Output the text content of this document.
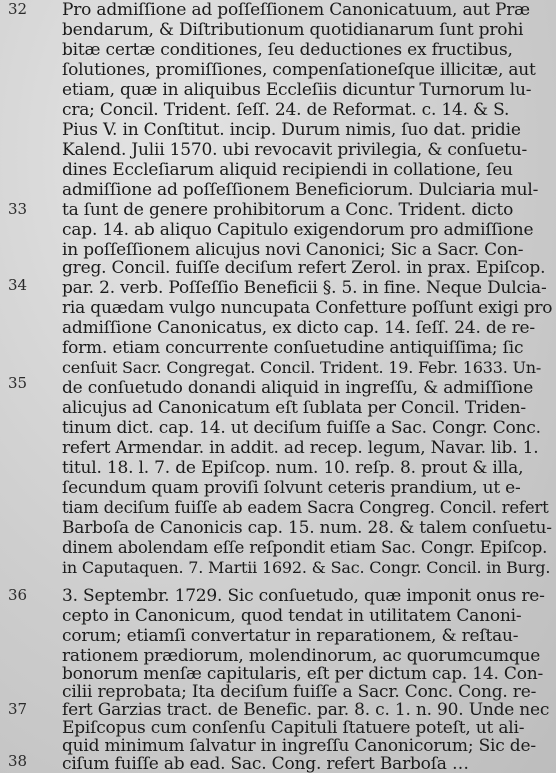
32
33
34
35
36
37
38
Pro admiſſione ad poſſeſſionem Canonicatuum, aut Præ
bendarum, & Diſtributionum quotidianarum ſunt prohi
bitæ certæ conditiones, ſeu deductiones ex fructibus,
ſolutiones, promiſſiones, compenſationeſque illicitæ, aut
etiam, quæ in aliquibus Eccleſiis dicuntur Turnorum lu-
cra; Concil. Trident. ſeſſ. 24. de Reformat. c. 14. & S.
Pius V. in Conſtitut. incip. Durum nimis, ſuo dat. pridie
Kalend. Julii 1570. ubi revocavit privilegia, & conſuetu-
dines Eccleſiarum aliquid recipiendi in collatione, ſeu
admiſſione ad poſſeſſionem Beneficiorum. Dulciaria mul-
ta ſunt de genere prohibitorum a Conc. Trident. dicto
cap. 14. ab aliquo Capitulo exigendorum pro admiſſione
in poſſeſſionem alicujus novi Canonici; Sic a Sacr. Con-
greg. Concil. fuiſſe deciſum refert Zerol. in prax. Epiſcop.
par. 2. verb. Poſſeſſio Beneficii §. 5. in fine. Neque Dulcia-
ria quædam vulgo nuncupata Confetture poſſunt exigi pro
admiſſione Canonicatus, ex dicto cap. 14. ſeſſ. 24. de re-
form. etiam concurrente conſuetudine antiquiſſima; ſic
cenſuit Sacr. Congregat. Concil. Trident. 19. Febr. 1633. Un-
de conſuetudo donandi aliquid in ingreſſu, & admiſſione
alicujus ad Canonicatum eſt ſublata per Concil. Triden-
tinum dict. cap. 14. ut deciſum fuiſſe a Sac. Congr. Conc.
refert Armendar. in addit. ad recep. legum, Navar. lib. 1.
titul. 18. l. 7. de Epiſcop. num. 10. reſp. 8. prout & illa,
ſecundum quam proviſi ſolvunt ceteris prandium, ut e-
tiam deciſum fuiſſe ab eadem Sacra Congreg. Concil. refert
Barboſa de Canonicis cap. 15. num. 28. & talem conſuetu-
dinem abolendam eſſe reſpondit etiam Sac. Congr. Epiſcop.
in Caputaquen. 7. Martii 1692. & Sac. Congr. Concil. in Burg.
3. Septembr. 1729. Sic conſuetudo, quæ imponit onus re-
cepto in Canonicum, quod tendat in utilitatem Canoni-
corum; etiamſi convertatur in reparationem, & reſtau-
rationem prædiorum, molendinorum, ac quorumcumque
bonorum menſæ capitularis, eſt per dictum cap. 14. Con-
cilii reprobata; Ita deciſum fuiſſe a Sacr. Conc. Cong. re-
fert Garzias tract. de Benefic. par. 8. c. 1. n. 90. Unde nec
Epiſcopus cum conſenſu Capituli ſtatuere poteſt, ut ali-
quid minimum ſalvatur in ingreſſu Canonicorum; Sic de-
ciſum fuiſſe ab ead. Sac. Cong. refert Barboſa …
